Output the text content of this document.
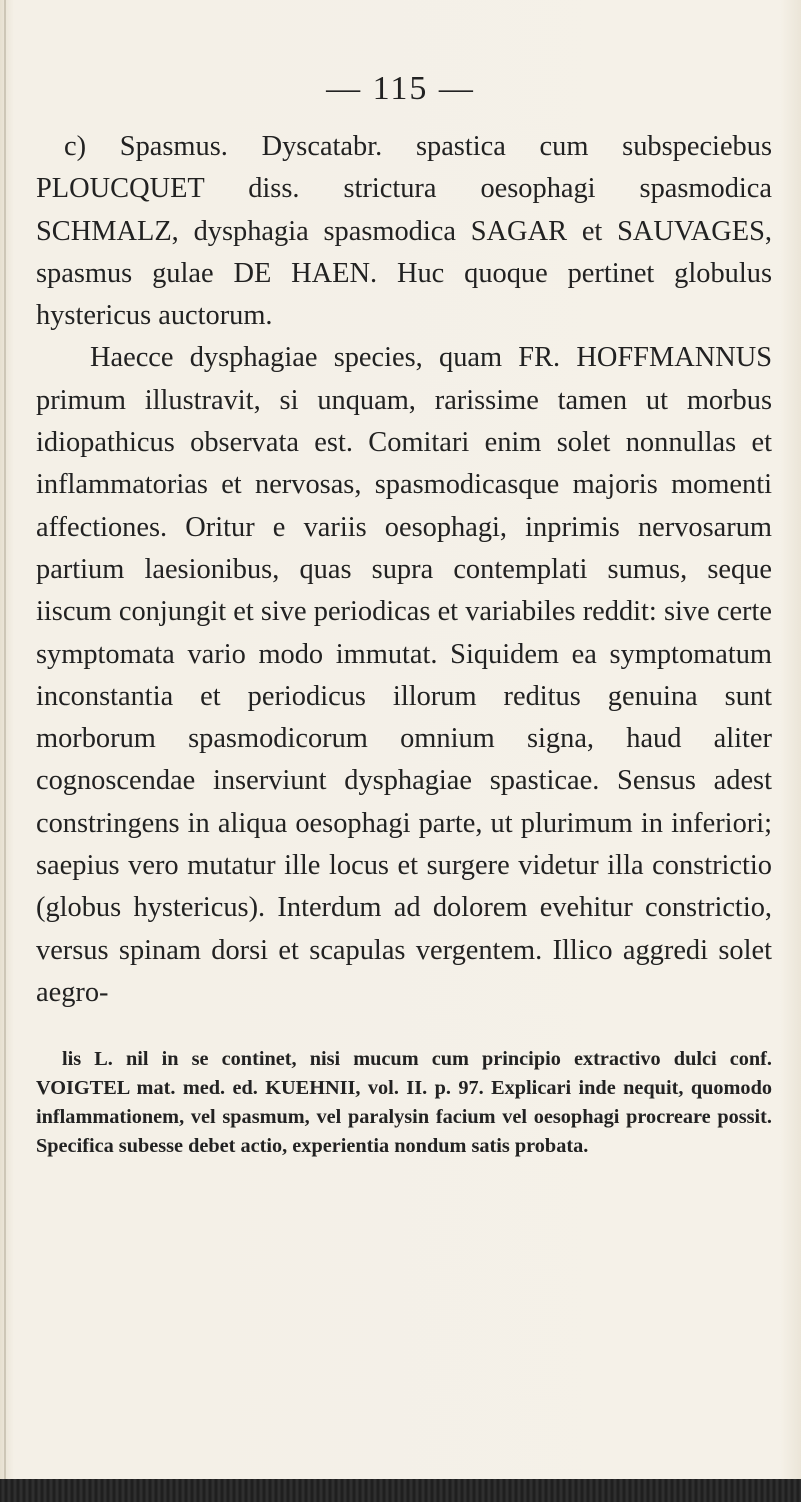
— 115 —

c) Spasmus. Dyscatabr. spastica cum subspeciebus PLOUCQUET diss. strictura oesophagi spasmodica SCHMALZ, dysphagia spasmodica SAGAR et SAUVAGES, spasmus gulae DE HAEN. Huc quoque pertinet globulus hystericus auctorum.

Haecce dysphagiae species, quam FR. HOFFMANNUS primum illustravit, si unquam, rarissime tamen ut morbus idiopathicus observata est. Comitari enim solet nonnullas et inflammatorias et nervosas, spasmodicasque majoris momenti affectiones. Oritur e variis oesophagi, inprimis nervosarum partium laesionibus, quas supra contemplati sumus, seque iiscum conjungit et sive periodicas et variabiles reddit: sive certe symptomata vario modo immutat. Siquidem ea symptomatum inconstantia et periodicus illorum reditus genuina sunt morborum spasmodicorum omnium signa, haud aliter cognoscendae inserviunt dysphagiae spasticae. Sensus adest constringens in aliqua oesophagi parte, ut plurimum in inferiori; saepius vero mutatur ille locus et surgere videtur illa constrictio (globus hystericus). Interdum ad dolorem evehitur constrictio, versus spinam dorsi et scapulas vergentem. Illico aggredi solet aegro-

lis L. nil in se continet, nisi mucum cum principio extractivo dulci conf. VOIGTEL mat. med. ed. KUEHNII, vol. II. p. 97. Explicari inde nequit, quomodo inflammationem, vel spasmum, vel paralysin facium vel oesophagi procreare possit. Specifica subesse debet actio, experientia nondum satis probata.
